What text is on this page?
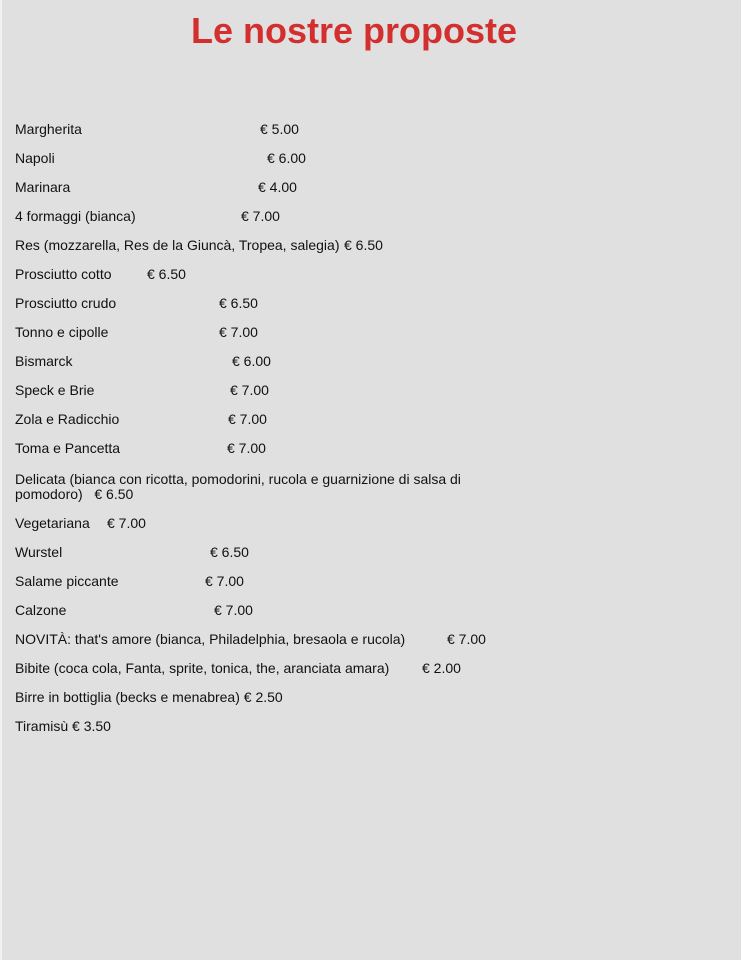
Le nostre proposte
Margherita	€ 5.00
Napoli	€ 6.00
Marinara	€ 4.00
4 formaggi (bianca)	€ 7.00
Res (mozzarella, Res de la Giuncà, Tropea, salegia) € 6.50
Prosciutto cotto	€ 6.50
Prosciutto crudo	€ 6.50
Tonno e cipolle	€ 7.00
Bismarck	€ 6.00
Speck e Brie	€ 7.00
Zola e Radicchio	€ 7.00
Toma e Pancetta	€ 7.00
Delicata (bianca con ricotta, pomodorini, rucola e guarnizione di salsa di pomodoro) € 6.50
Vegetariana € 7.00
Wurstel	€ 6.50
Salame piccante	€ 7.00
Calzone	€ 7.00
NOVITÀ: that's amore (bianca, Philadelphia, bresaola e rucola)	€ 7.00
Bibite (coca cola, Fanta, sprite, tonica, the, aranciata amara) € 2.00
Birre in bottiglia (becks e menabrea) € 2.50
Tiramisù € 3.50
